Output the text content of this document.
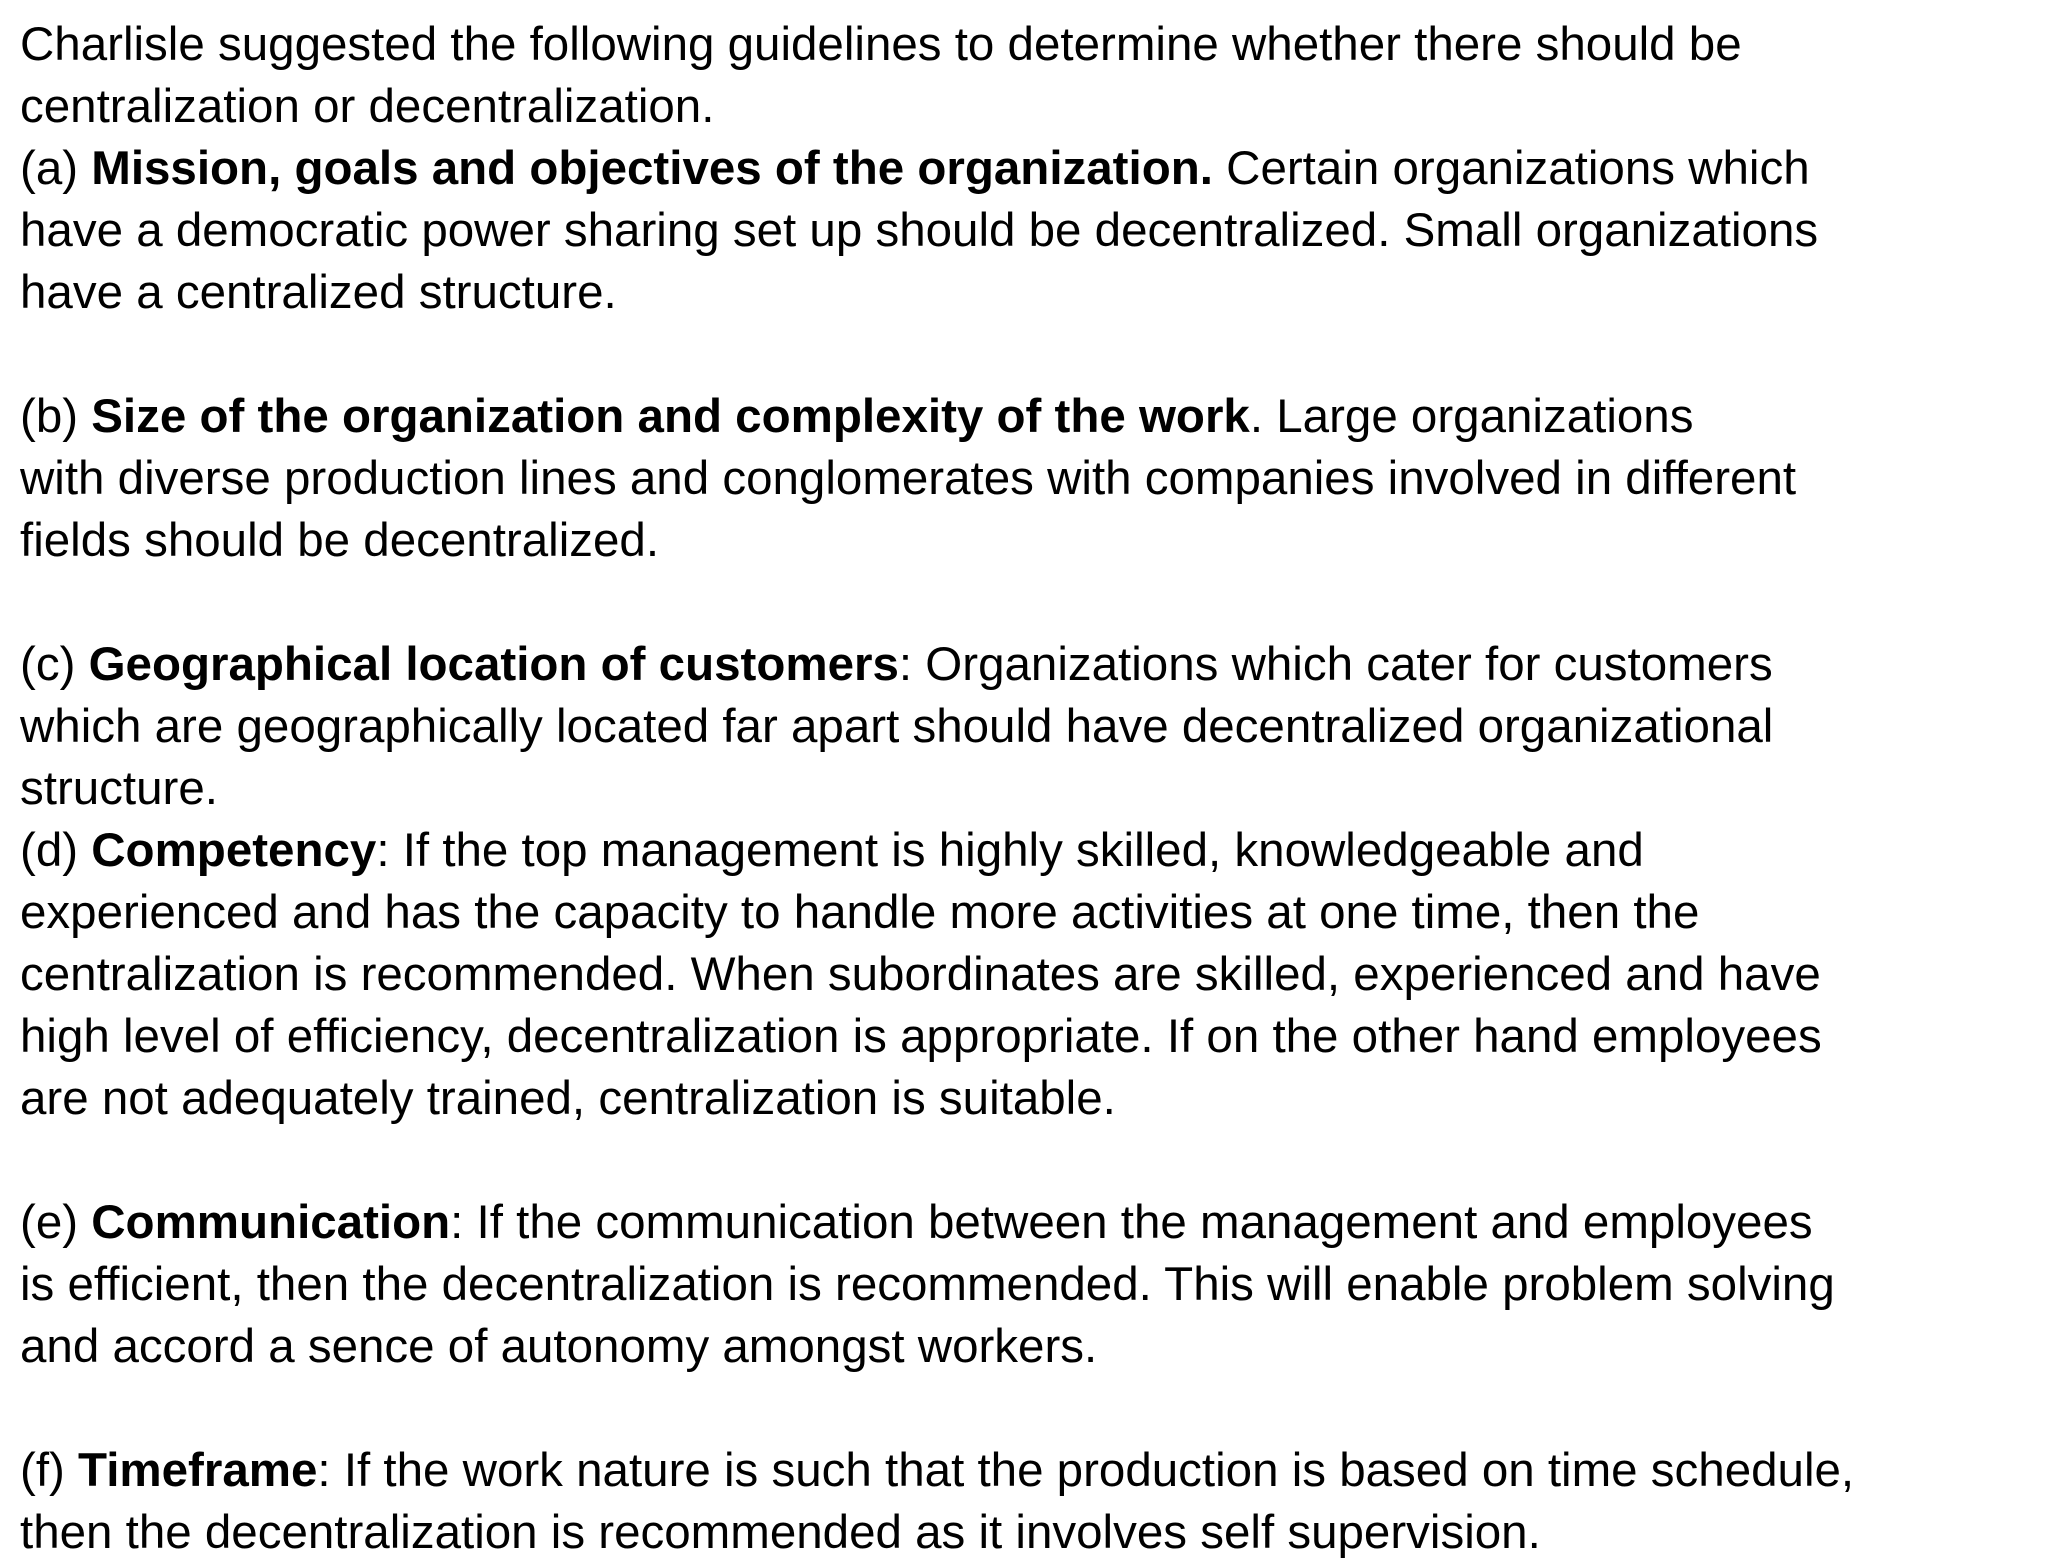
Charlisle suggested the following guidelines to determine whether there should be
centralization or decentralization.
(a) Mission, goals and objectives of the organization. Certain organizations which
have a democratic power sharing set up should be decentralized. Small organizations
have a centralized structure.
(b) Size of the organization and complexity of the work. Large organizations
with diverse production lines and conglomerates with companies involved in different
fields should be decentralized.
(c) Geographical location of customers: Organizations which cater for customers
which are geographically located far apart should have decentralized organizational
structure.
(d) Competency: If the top management is highly skilled, knowledgeable and
experienced and has the capacity to handle more activities at one time, then the
centralization is recommended. When subordinates are skilled, experienced and have
high level of efficiency, decentralization is appropriate. If on the other hand employees
are not adequately trained, centralization is suitable.
(e) Communication: If the communication between the management and employees
is efficient, then the decentralization is recommended. This will enable problem solving
and accord a sence of autonomy amongst workers.
(f) Timeframe: If the work nature is such that the production is based on time schedule,
then the decentralization is recommended as it involves self supervision.
